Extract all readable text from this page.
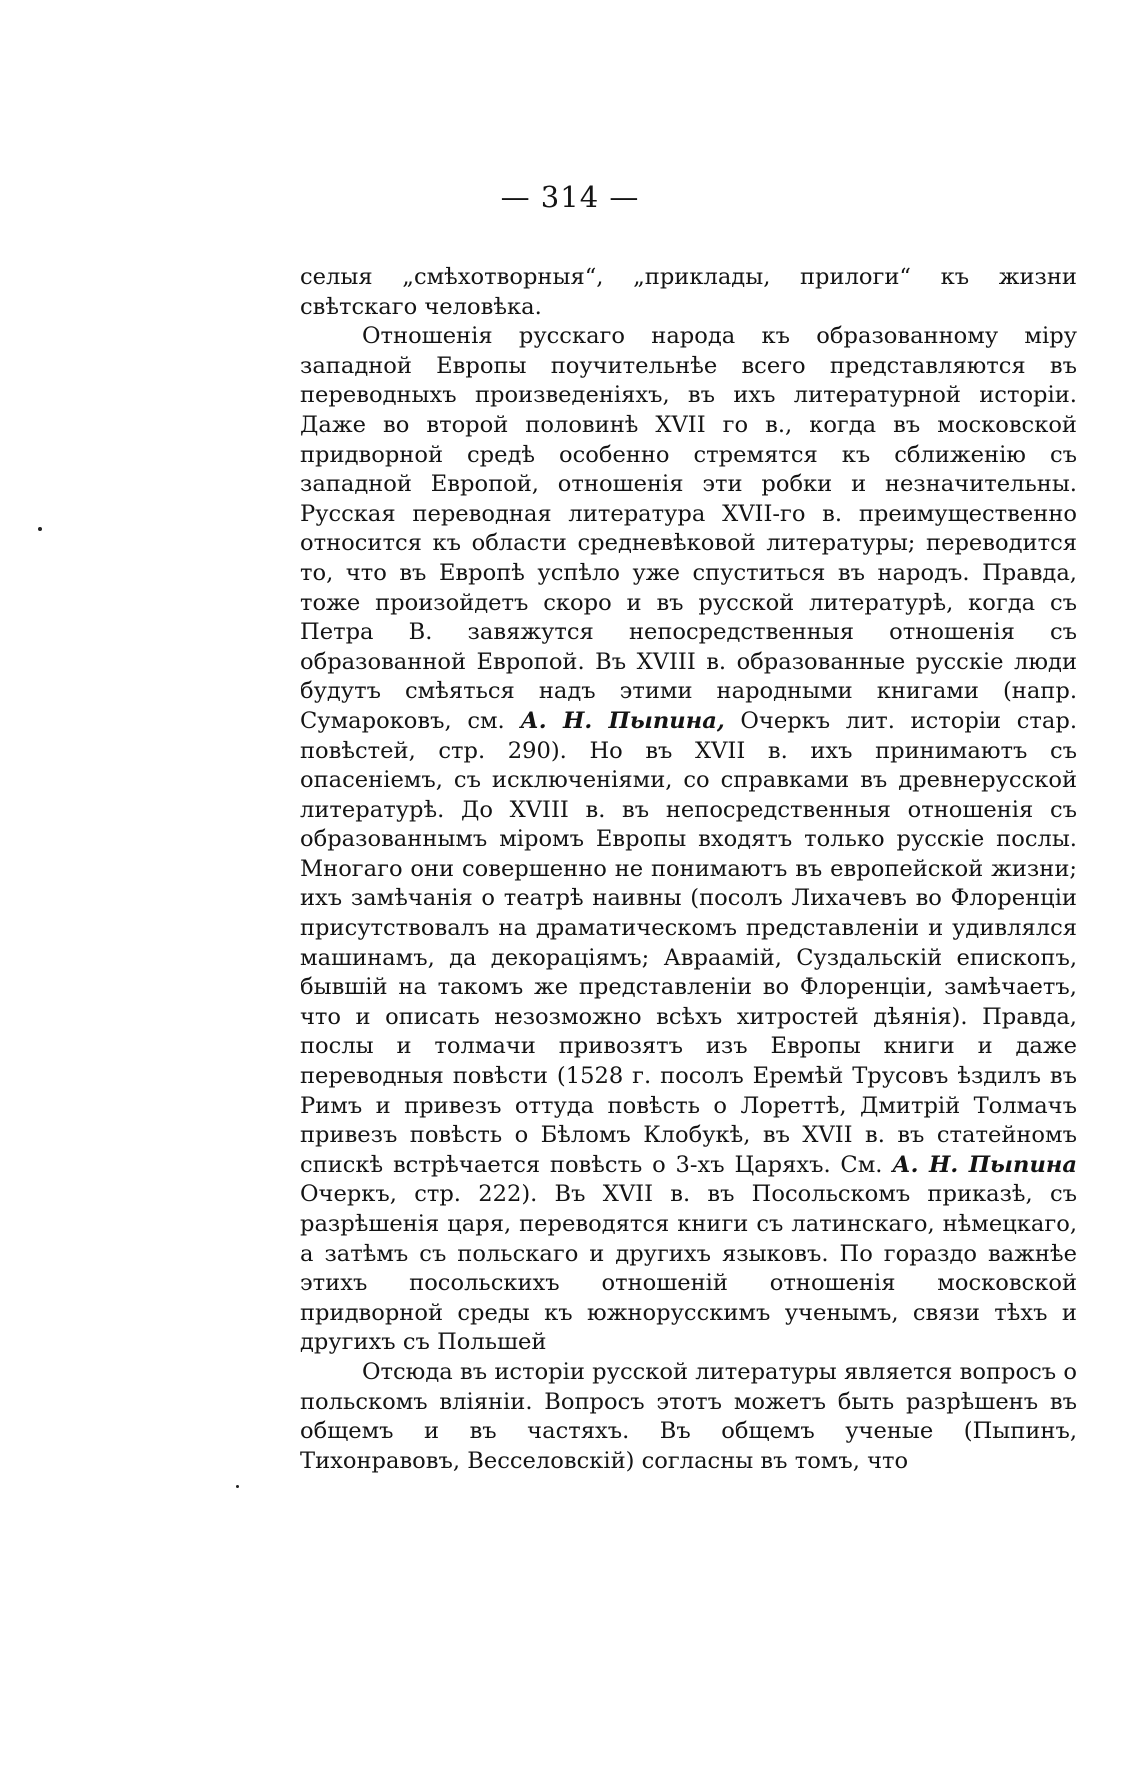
— 314 —

селыя „смѣхотворныя“, „приклады, прилоги“ къ жизни свѣтскаго человѣка.

Отношенія русскаго народа къ образованному міру западной Европы поучительнѣе всего представляются въ переводныхъ произведеніяхъ, въ ихъ литературной исторіи. Даже во второй половинѣ XVII го в., когда въ московской придворной средѣ особенно стремятся къ сближенію съ западной Европой, отношенія эти робки и незначительны. Русская переводная литература XVII-го в. преимущественно относится къ области средневѣковой литературы; переводится то, что въ Европѣ успѣло уже спуститься въ народъ. Правда, тоже произойдетъ скоро и въ русской литературѣ, когда съ Петра В. завяжутся непосредственныя отношенія съ образованной Европой. Въ XVIII в. образованные русскіе люди будутъ смѣяться надъ этими народными книгами (напр. Сумароковъ, см. А. Н. Пыпина, Очеркъ лит. исторіи стар. повѣстей, стр. 290). Но въ XVII в. ихъ принимаютъ съ опасеніемъ, съ исключеніями, со справками въ древнерусской литературѣ. До XVIII в. въ непосредственныя отношенія съ образованнымъ міромъ Европы входятъ только русскіе послы. Многаго они совершенно не понимаютъ въ европейской жизни; ихъ замѣчанія о театрѣ наивны (посолъ Лихачевъ во Флоренціи присутствовалъ на драматическомъ представленіи и удивлялся машинамъ, да декораціямъ; Авраамій, Суздальскій епископъ, бывшій на такомъ же представленіи во Флоренціи, замѣчаетъ, что и описать незозможно всѣхъ хитростей дѣянія). Правда, послы и толмачи привозятъ изъ Европы книги и даже переводныя повѣсти (1528 г. посолъ Еремѣй Трусовъ ѣздилъ въ Римъ и привезъ оттуда повѣсть о Лореттѣ, Дмитрій Толмачъ привезъ повѣсть о Бѣломъ Клобукѣ, въ XVII в. въ статейномъ спискѣ встрѣчается повѣсть о 3-хъ Царяхъ. См. А. Н. Пыпина Очеркъ, стр. 222). Въ XVII в. въ Посольскомъ приказѣ, съ разрѣшенія царя, переводятся книги съ латинскаго, нѣмецкаго, а затѣмъ съ польскаго и другихъ языковъ. По гораздо важнѣе этихъ посольскихъ отношеній отношенія московской придворной среды къ южнорусскимъ ученымъ, связи тѣхъ и другихъ съ Польшей

Отсюда въ исторіи русской литературы является вопросъ о польскомъ вліяніи. Вопросъ этотъ можетъ быть разрѣшенъ въ общемъ и въ частяхъ. Въ общемъ ученые (Пыпинъ, Тихонравовъ, Весселовскій) согласны въ томъ, что
